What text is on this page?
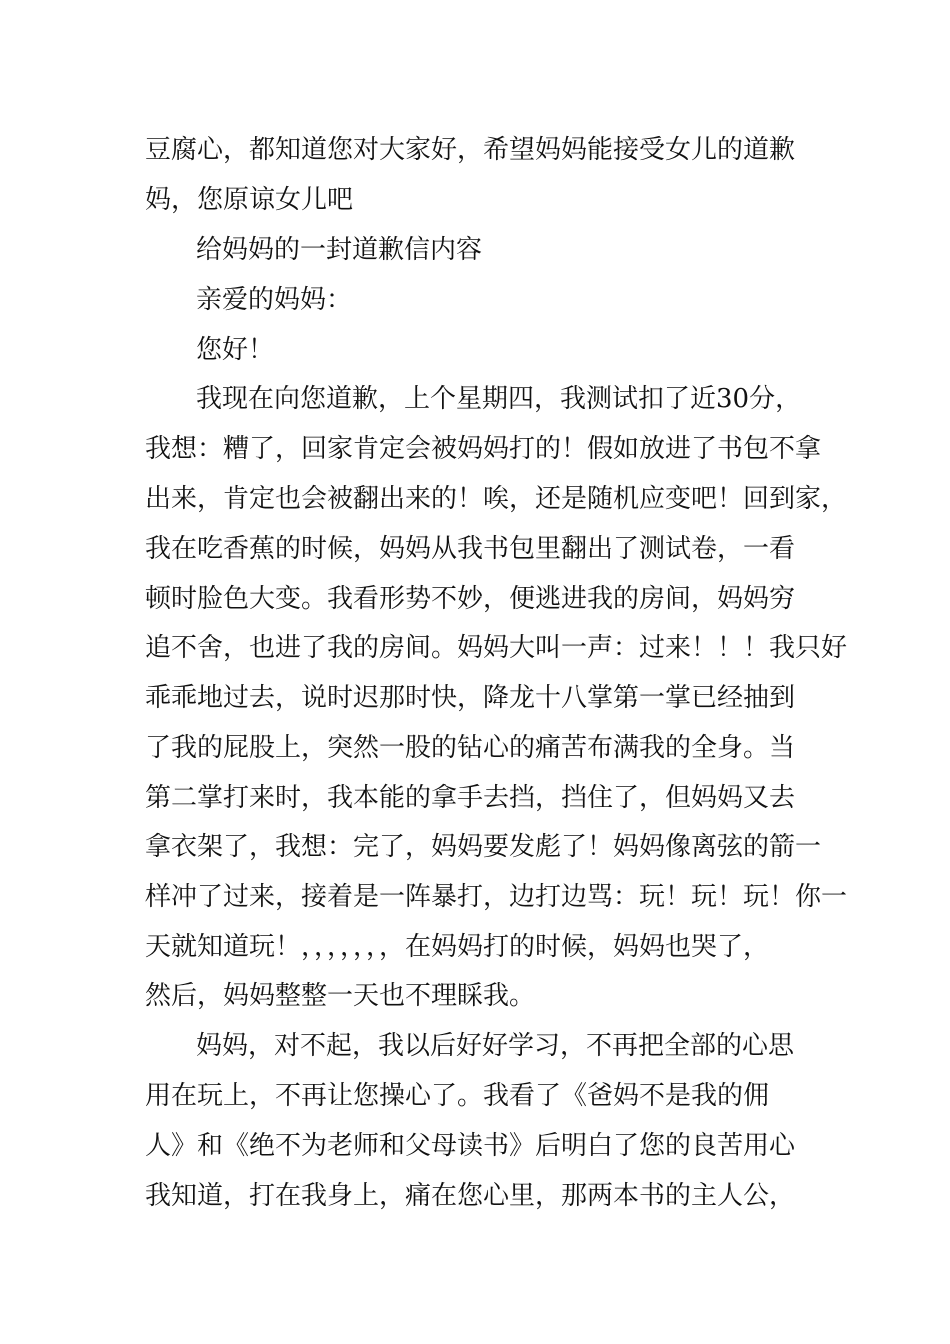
豆腐心，都知道您对大家好，希望妈妈能接受女儿的道歉
妈，您原谅女儿吧
给妈妈的一封道歉信内容
亲爱的妈妈：
您好！
我现在向您道歉，上个星期四，我测试扣了近30分，
我想：糟了，回家肯定会被妈妈打的！假如放进了书包不拿
出来，肯定也会被翻出来的！唉，还是随机应变吧！回到家，
我在吃香蕉的时候，妈妈从我书包里翻出了测试卷，一看
顿时脸色大变。我看形势不妙，便逃进我的房间，妈妈穷
追不舍，也进了我的房间。妈妈大叫一声：过来！！！我只好
乖乖地过去，说时迟那时快，降龙十八掌第一掌已经抽到
了我的屁股上，突然一股的钻心的痛苦布满我的全身。当
第二掌打来时，我本能的拿手去挡，挡住了，但妈妈又去
拿衣架了，我想：完了，妈妈要发彪了！妈妈像离弦的箭一
样冲了过来，接着是一阵暴打，边打边骂：玩！玩！玩！你一
天就知道玩！，，，，，，，在妈妈打的时候，妈妈也哭了，
然后，妈妈整整一天也不理睬我。
妈妈，对不起，我以后好好学习，不再把全部的心思
用在玩上，不再让您操心了。我看了《爸妈不是我的佣
人》和《绝不为老师和父母读书》后明白了您的良苦用心
我知道，打在我身上，痛在您心里，那两本书的主人公，
